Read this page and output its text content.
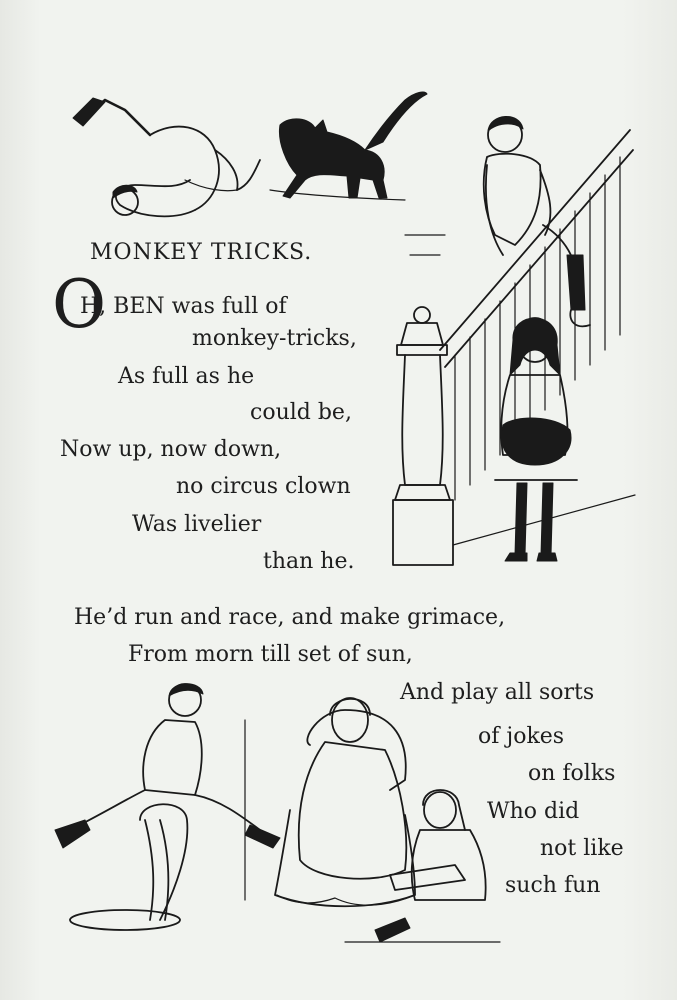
MONKEY TRICKS.
O
H, BEN was full of
monkey-tricks,
As full as he
could be,
Now up, now down,
no circus clown
Was livelier
than he.
He’d run and race, and make grimace,
From morn till set of sun,
And play all sorts
of jokes
on folks
Who did
not like
such fun
